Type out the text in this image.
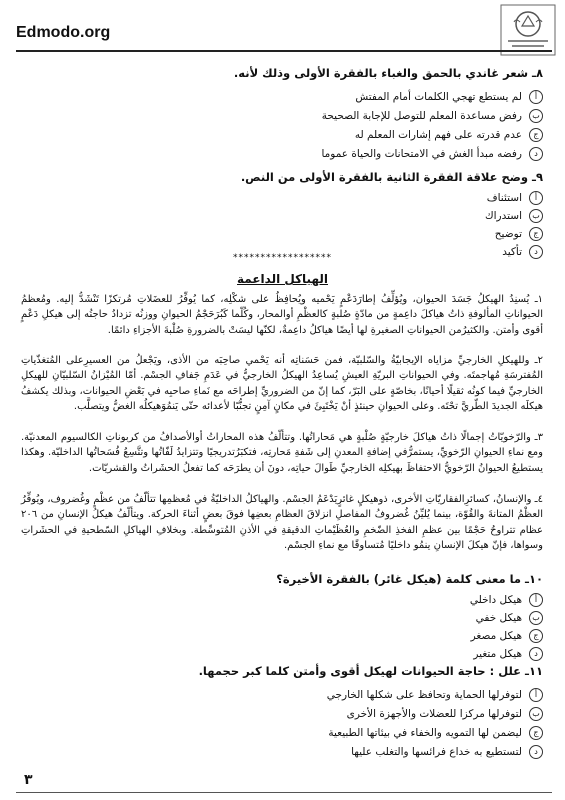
Edmodo.org
٨ـ شعر غاندي بالحمق والغباء بالفقرة الأولى وذلك لأنه.
أ
لم يستطع تهجي الكلمات أمام المفتش
ب
رفض مساعدة المعلم للتوصل للإجابة الصحيحة
ج
عدم قدرته على فهم إشارات المعلم له
د
رفضه مبدأ الغش في الامتحانات والحياة عموما
٩ـ وضح علاقة الفقرة الثانية بالفقرة الأولى من النص.
أ
استئناف
ب
استدراك
ج
توضيح
د
تأكيد
******************
الهياكل الداعمة
١ـ يُسنِدُ الهيكلُ جَسَدَ الحيوان، ويُؤلِّفُ إطارَدَعْمٍ يَحْميه ويُحافِظُ على شكْلِه، كما يُوفِّرُ للعضَلاتِ مُرتكزًا تَنْشَدُّ إليه. ومُعظمُ الحيواناتِ المألوفةِ ذاتُ هياكلَ داعِمةٍ من مادّةٍ صُلبةٍ كالعظْمِ أوالمحار، وكُلّما كَبُرَحَجْمُ الحيوانِ ووزنُه تزدادُ حاجتُه إلى هيكلِ دَعْمٍ أقوى وأمتن. والكثيرُمن الحيواناتِ الصغيرةِ لها أيضًا هياكلُ داعِمةٌ، لكنّها ليسَتْ بالضرورةِ صُلْبةَ الأجزاءِ دائمًا.
٢ـ وللهيكلِ الخارجيِّ مزاياه الإيجابيّةُ والسّلبيّة، فمن حَسَناتِه أنه يَحْمي صاحِبَه من الأذى، ويَجْعلُ من العسيرِعلى المُتغذّياتِ المُفترسَةِ مُهاجمتَه. وفي الحيواناتِ البريّةِ العيشِ يُساعِدُ الهيكلُ الخارجيُّ في عَدَمِ جَفافِ الجسْم. أمّا المُيْزانُ السّلبيّانِ للهيكلِ الخارجيِّ فيما كونُه ثقيلًا أحيانًا، بخاصّةٍ على البَرّ، كما إنّ من الضروريِّ إطراحَه مع نَماءِ صاحبِه في بَعْضِ الحيوانات، وبذلك يكشفُ هيكلَه الجديدَ الطّريَّ تحْتَه. وعلى الحيوانِ حينئذٍ أنْ يَخْتَبِئَ في مكانٍ آمِنٍ تجنُّبًا لأعدائه حتّى يَنمُوَهيكلُه الغضُّ ويتصلَّب.
٣ـ والرّخويّاتُ إجمالًا ذاتُ هياكلَ خارجيّةٍ صُلْبةٍ هي مَحاراتُها. وتتألّفُ هذه المحاراتُ أوالأصدافُ من كربوناتِ الكالسيوم المعدنيّة. ومع نماءِ الحيوانِ الرّخويِّ، يستمرُّفي إضافةِ المعدنِ إلى شَفةِ مَحارتِه، فتكبَرُتدريجيًا وتتزايدُ لَفّاتُها وتتَّسِعُ فُسَحاتُها الداخليّة. وهكذا يستطيعُ الحيوانُ الرّخويُّ الاحتفاظَ بهيكلِه الخارجيِّ طَوالَ حياتِه، دونَ أن يطرَحَه كما تفعلُ الحشَراتُ والقشريّات.
٤ـ والإنسانُ، كسائرِالفقاريّاتِ الأخرى، ذوهيكلٍ غائرٍيَدْعَمُ الجسْم. والهياكلُ الداخليّةُ في مُعظمِها تتألّفُ من عظْمٍ وغُضروف، ويُوفِّرُ العظْمُ المتانةَ والقُوّة، بينما يُليِّنُ غُضروفُ المفاصلِ انزلاقَ العظامِ بعضِها فوقَ بعضٍ أثناءَ الحركة. ويتألّفُ هيكلُ الإنسانِ من ٢٠٦ عظام تتراوحُ حَجْمًا بين عظمِ الفخذِ الضّخمِ والعُظَيْماتِ الدقيقةِ في الأذنِ المُتوسِّطة. وبخلافِ الهياكلِ السّطحيةِ في الحشَراتِ وسواها، فإنّ هيكلَ الإنسانِ ينمُو داخليًا مُتساوقًا مع نماءِ الجسْم.
١٠ـ ما معنى كلمة (هيكل غائر) بالفقرة الأخيرة؟
أ
هيكل داخلي
ب
هيكل خفي
ج
هيكل مصغر
د
هيكل متغير
١١ـ علل : حاجة الحيوانات لهيكل أقوى وأمتن كلما كبر حجمها.
أ
لتوفرلها الحماية وتحافظ على شكلها الخارجي
ب
لتوفرلها مركزا للعضلات والأجهزة الأخرى
ج
ليضمن لها التمويه والخفاء في بيئاتها الطبيعية
د
لتستطيع به خداع فرائسها والتغلب عليها
٣
